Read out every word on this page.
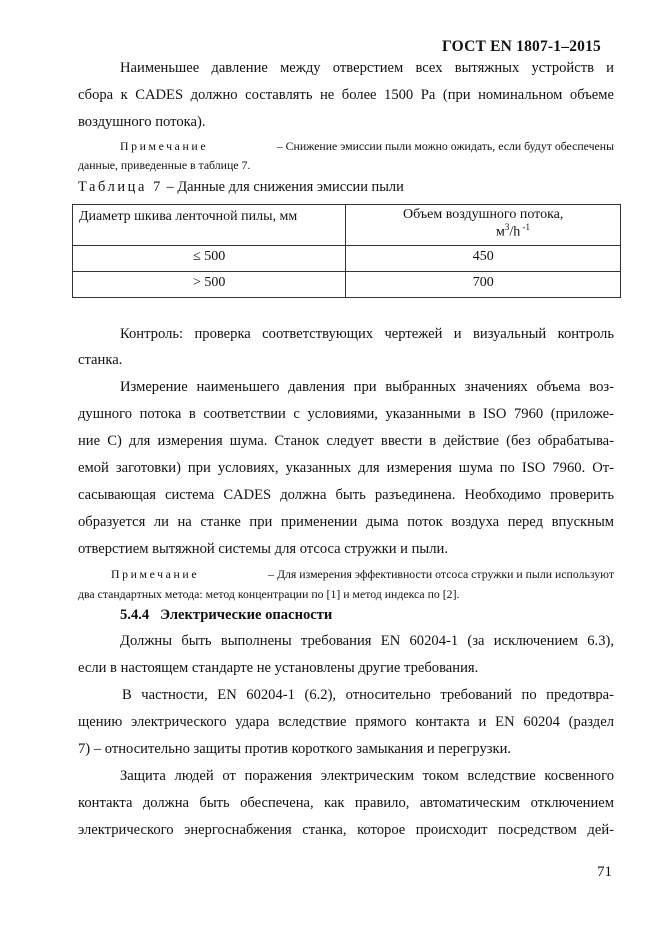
ГОСТ EN 1807-1–2015
Наименьшее давление между отверстием всех вытяжных устройств и
сбора к CADES должно составлять не более 1500 Pa (при номинальном объеме
воздушного потока).
Примечание	– Снижение эмиссии пыли можно ожидать, если будут обеспечены
данные, приведенные в таблице 7.
Таблица 7 – Данные для снижения эмиссии пыли
Диаметр шкива ленточной пилы, мм	Объем воздушного потока,
$м^3/h$ $^{-1}$

≤ 500	450
> 500	700
Контроль: проверка соответствующих чертежей и визуальный контроль
станка.
Измерение наименьшего давления при выбранных значениях объема воз-
душного потока в соответствии с условиями, указанными в ISO 7960 (приложе-
ние С) для измерения шума. Станок следует ввести в действие (без обрабатыва-
емой заготовки) при условиях, указанных для измерения шума по ISO 7960. От-
сасывающая система CADES должна быть разъединена. Необходимо проверить
образуется ли на станке при применении дыма поток воздуха перед впускным
отверстием вытяжной системы для отсоса стружки и пыли.
Примечание	– Для измерения эффективности отсоса стружки и пыли используют
два стандартных метода: метод концентрации по [1] и метод индекса по [2].
5.4.4 Электрические опасности
Должны быть выполнены требования EN 60204-1 (за исключением 6.3),
если в настоящем стандарте не установлены другие требования.
В частности, EN 60204-1 (6.2), относительно требований по предотвра-
щению электрического удара вследствие прямого контакта и EN 60204 (раздел
7) – относительно защиты против короткого замыкания и перегрузки.
Защита людей от поражения электрическим током вследствие косвенного
контакта должна быть обеспечена, как правило, автоматическим отключением
электрического энергоснабжения станка, которое происходит посредством дей-
71
